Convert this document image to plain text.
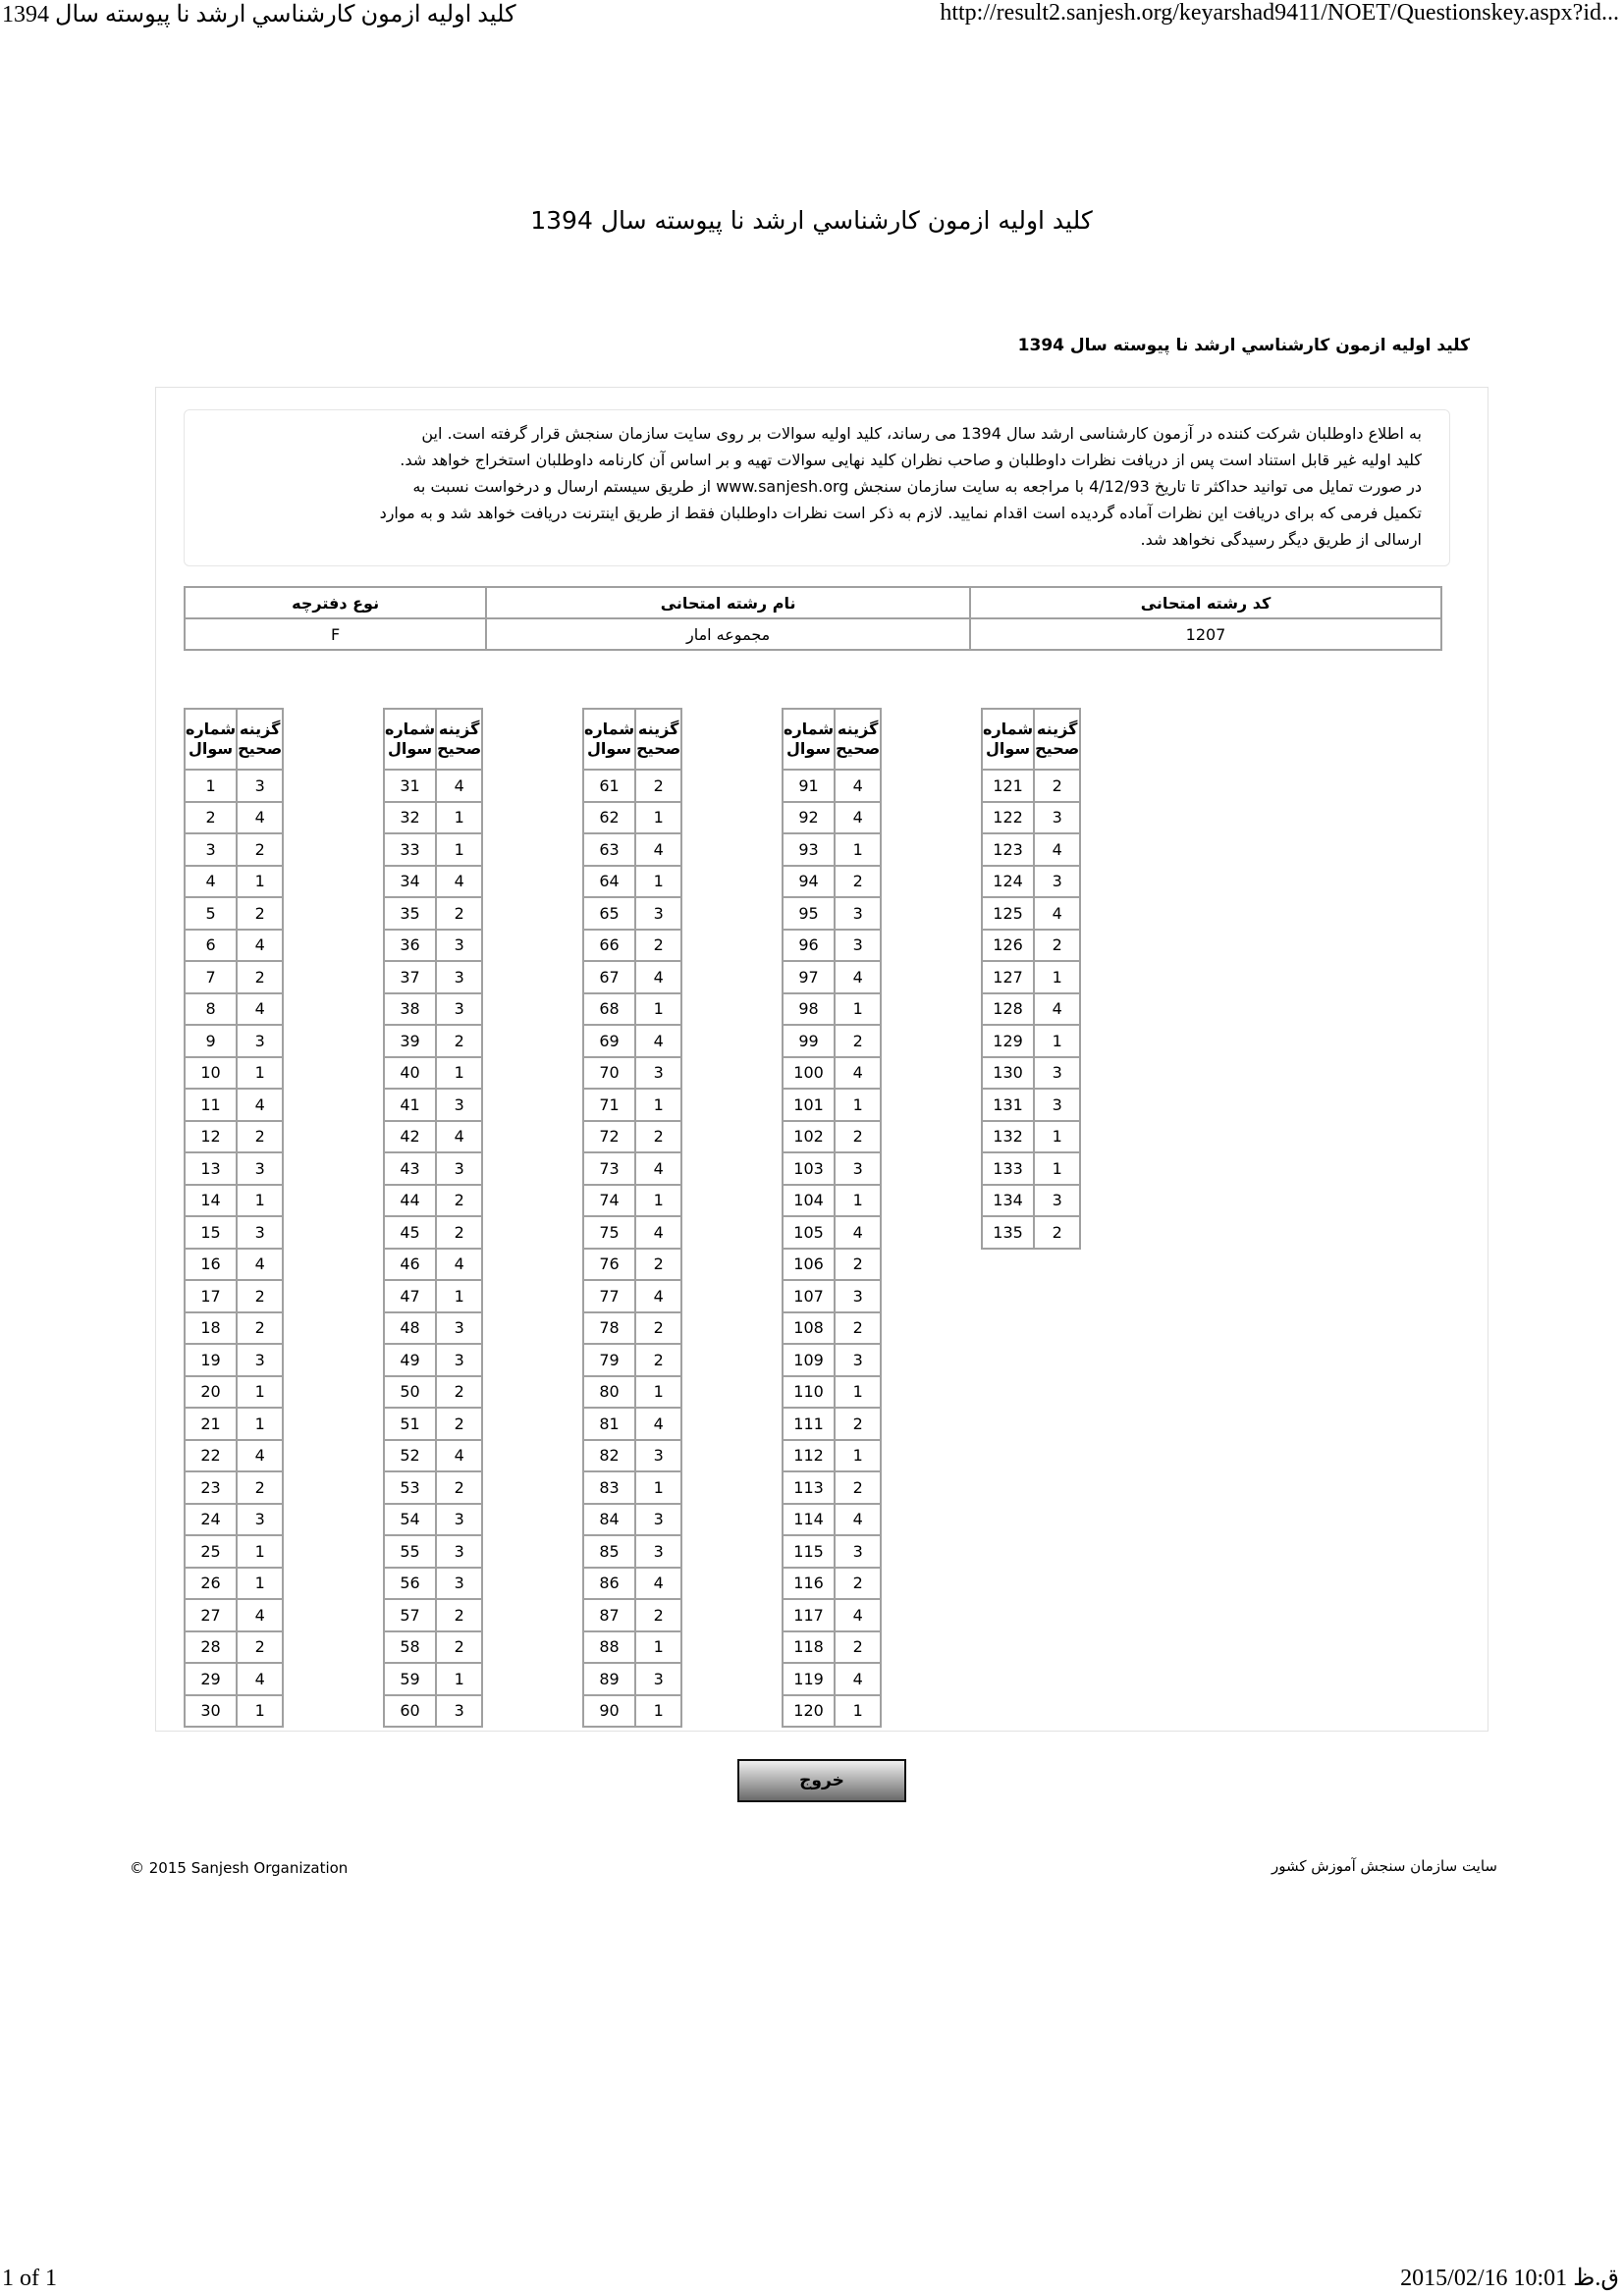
كليد اوليه ازمون كارشناسي ارشد نا پيوسته سال 1394	http://result2.sanjesh.org/keyarshad9411/NOET/Questionskey.aspx?id...
كليد اوليه ازمون كارشناسي ارشد نا پيوسته سال 1394
كليد اوليه ازمون كارشناسي ارشد نا پيوسته سال 1394
به اطلاع داوطلبان شرکت کننده در آزمون کارشناسی ارشد سال 1394 می رساند، کلید اولیه سوالات بر روی سایت سازمان سنجش قرار گرفته است. این
کلید اولیه غیر قابل استناد است پس از دریافت نظرات داوطلبان و صاحب نظران کلید نهایی سوالات تهیه و بر اساس آن کارنامه داوطلبان استخراج خواهد شد.
در صورت تمایل می توانید حداکثر تا تاریخ 4/12/93 با مراجعه به سایت سازمان سنجش www.sanjesh.org از طریق سیستم ارسال و درخواست نسبت به
تکمیل فرمی که برای دریافت این نظرات آماده گردیده است اقدام نمایید. لازم به ذکر است نظرات داوطلبان فقط از طریق اینترنت دریافت خواهد شد و به موارد
ارسالی از طریق دیگر رسیدگی نخواهد شد.
کد رشته امتحانی	نام رشته امتحانی	نوع دفترچه
1207	مجموعه امار	F
شماره
سوال	گزینه
صحیح
1	3
2	4
3	2
4	1
5	2
6	4
7	2
8	4
9	3
10	1
11	4
12	2
13	3
14	1
15	3
16	4
17	2
18	2
19	3
20	1
21	1
22	4
23	2
24	3
25	1
26	1
27	4
28	2
29	4
30	1
شماره
سوال	گزینه
صحیح
31	4
32	1
33	1
34	4
35	2
36	3
37	3
38	3
39	2
40	1
41	3
42	4
43	3
44	2
45	2
46	4
47	1
48	3
49	3
50	2
51	2
52	4
53	2
54	3
55	3
56	3
57	2
58	2
59	1
60	3
شماره
سوال	گزینه
صحیح
61	2
62	1
63	4
64	1
65	3
66	2
67	4
68	1
69	4
70	3
71	1
72	2
73	4
74	1
75	4
76	2
77	4
78	2
79	2
80	1
81	4
82	3
83	1
84	3
85	3
86	4
87	2
88	1
89	3
90	1
شماره
سوال	گزینه
صحیح
91	4
92	4
93	1
94	2
95	3
96	3
97	4
98	1
99	2
100	4
101	1
102	2
103	3
104	1
105	4
106	2
107	3
108	2
109	3
110	1
111	2
112	1
113	2
114	4
115	3
116	2
117	4
118	2
119	4
120	1
شماره
سوال	گزینه
صحیح
121	2
122	3
123	4
124	3
125	4
126	2
127	1
128	4
129	1
130	3
131	3
132	1
133	1
134	3
135	2
خروج
© 2015 Sanjesh Organization	سایت سازمان سنجش آموزش کشور
1 of 1	2015/02/16 10:01 ق.ظ
